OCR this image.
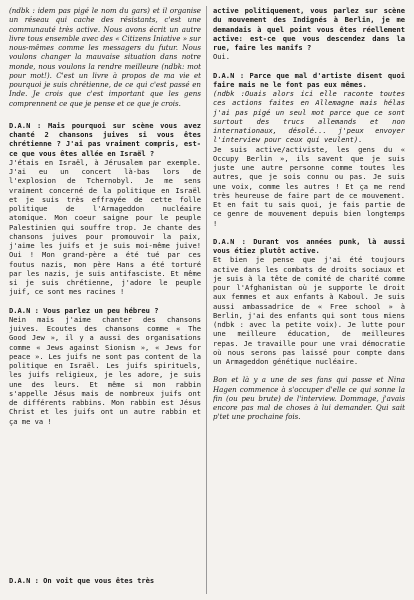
(ndbk : idem pas pigé le nom du gars) et il organise un réseau qui cache des résistants, c'est une communauté très active. Nous avons écrit un autre livre tous ensemble avec des « Citizens Iniative » sur nous-mêmes comme les messagers du futur. Nous voulons changer la mauvaise situation dans notre monde, nous voulons la rendre meilleure (ndbk: mot pour mot!). C'est un livre à propos de ma vie et pourquoi je suis chrétienne, de ce qui c'est passé en Inde. Je crois que c'est important que les gens comprennent ce que je pense et ce que je crois.

D.A.N : Mais pourquoi sur scène vous avez chanté 2 chansons juives si vous êtes chrétienne ? J'ai pas vraiment compris, est-ce que vous êtes allée en Israël ?

J'étais en Israël, à Jérusalem par exemple. J'ai eu un concert là-bas lors de l'explosion de Tchernobyl. Je me sens vraiment concerné de la politique en Israël et je suis très effrayée de cette folle politique de l'Armageddon nucléaire atomique. Mon coeur saigne pour le peuple Palestinien qui souffre trop. Je chante des chansons juives pour promouvoir la paix, j'aime les juifs et je suis moi-même juive! Oui ! Mon grand-père a été tué par ces foutus nazis, mon père Hans a été torturé par les nazis, je suis antifasciste. Et même si je suis chrétienne, j'adore le peuple juif, ce sont mes racines !

D.A.N : Vous parlez un peu hébreu ?

Nein mais j'aime chanter des chansons juives. Ecoutes des chansons comme « The Good Jew », il y a aussi des organisations comme « Jews against Sionism », « Jews for peace ». Les juifs ne sont pas content de la politique en Israël. Les juifs spirituels, les juifs religieux, je les adore, je suis une des leurs. Et même si mon rabbin s'appelle Jésus mais de nombreux juifs ont de différents rabbins. Mon rabbin est Jésus Christ et les juifs ont un autre rabbin et ça me va !

D.A.N : On voit que vous êtes très

active politiquement, vous parlez sur scène du mouvement des Indignés à Berlin, je me demandais à quel point vous êtes réellement active: est-ce que vous descendez dans la rue, faire les manifs ?

Oui.

D.A.N : Parce que mal d'artiste disent quoi faire mais ne le font pas eux mêmes.

(ndbk :Ouais alors ici elle raconte toutes ces actions faites en Allemagne mais hélas j'ai pas pigé un seul mot parce que ce sont surtout des trucs allemands et non internationaux, désolé... j'peux envoyer l'interview pour ceux qui veulent).

Je suis active/activiste, les gens du « Occupy Berlin », ils savent que je suis juste une autre personne comme toutes les autres, que je sois connu ou pas. Je suis une voix, comme les autres ! Et ça me rend très heureuse de faire part de ce mouvement. Et en fait tu sais quoi, je fais partie de ce genre de mouvement depuis bien longtemps !

D.A.N : Durant vos années punk, là aussi vous étiez plutôt active.

Et bien je pense que j'ai été toujours active dans les combats de droits sociaux et je suis à la tête de comité de charité comme pour l'Afghanistan où je supporte le droit aux femmes et aux enfants à Kaboul. Je suis aussi ambassadrice de « Free school » à Berlin, j'ai des enfants qui sont tous miens (ndbk : avec la petite voix). Je lutte pour une meilleure éducation, de meilleures repas. Je travaille pour une vrai démocratie où nous serons pas laissé pour compte dans un Armageddon génétique nucléaire.

Bon et là y a une de ses fans qui passe et Nina Hagen commence à s'occuper d'elle ce qui sonne la fin (ou peu brute) de l'interview. Dommage, j'avais encore pas mal de choses à lui demander. Qui sait p'tet une prochaine fois.
